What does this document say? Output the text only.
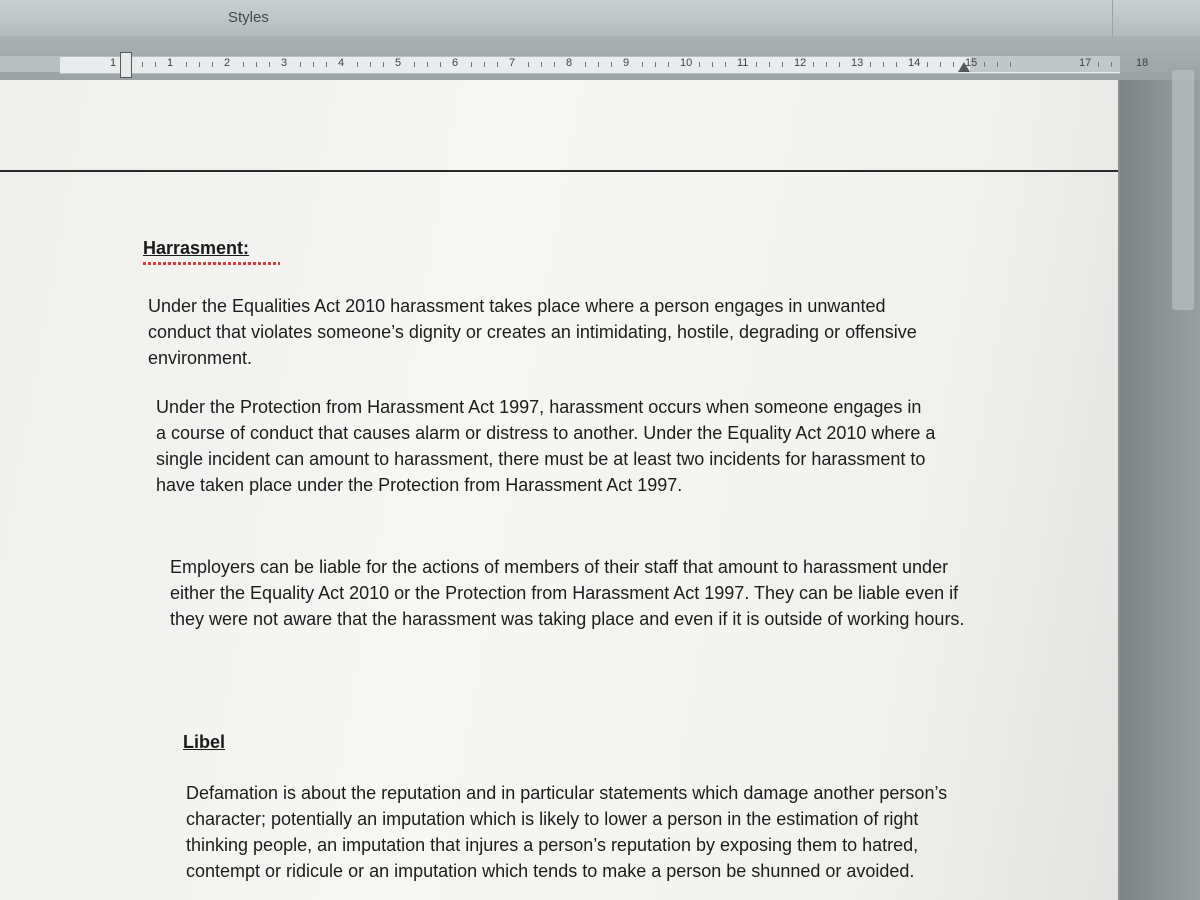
Styles
1	1	2	3	4	5	6	7	8	9	10	11	12	13	14	15	17	18

Harrasment:

Under the Equalities Act 2010 harassment takes place where a person engages in unwanted conduct that violates someone’s dignity or creates an intimidating, hostile, degrading or offensive environment.

Under the Protection from Harassment Act 1997, harassment occurs when someone engages in a course of conduct that causes alarm or distress to another. Under the Equality Act 2010 where a single incident can amount to harassment, there must be at least two incidents for harassment to have taken place under the Protection from Harassment Act 1997.

Employers can be liable for the actions of members of their staff that amount to harassment under either the Equality Act 2010 or the Protection from Harassment Act 1997. They can be liable even if they were not aware that the harassment was taking place and even if it is outside of working hours.

Libel

Defamation is about the reputation and in particular statements which damage another person’s character; potentially an imputation which is likely to lower a person in the estimation of right thinking people, an imputation that injures a person’s reputation by exposing them to hatred, contempt or ridicule or an imputation which tends to make a person be shunned or avoided.
